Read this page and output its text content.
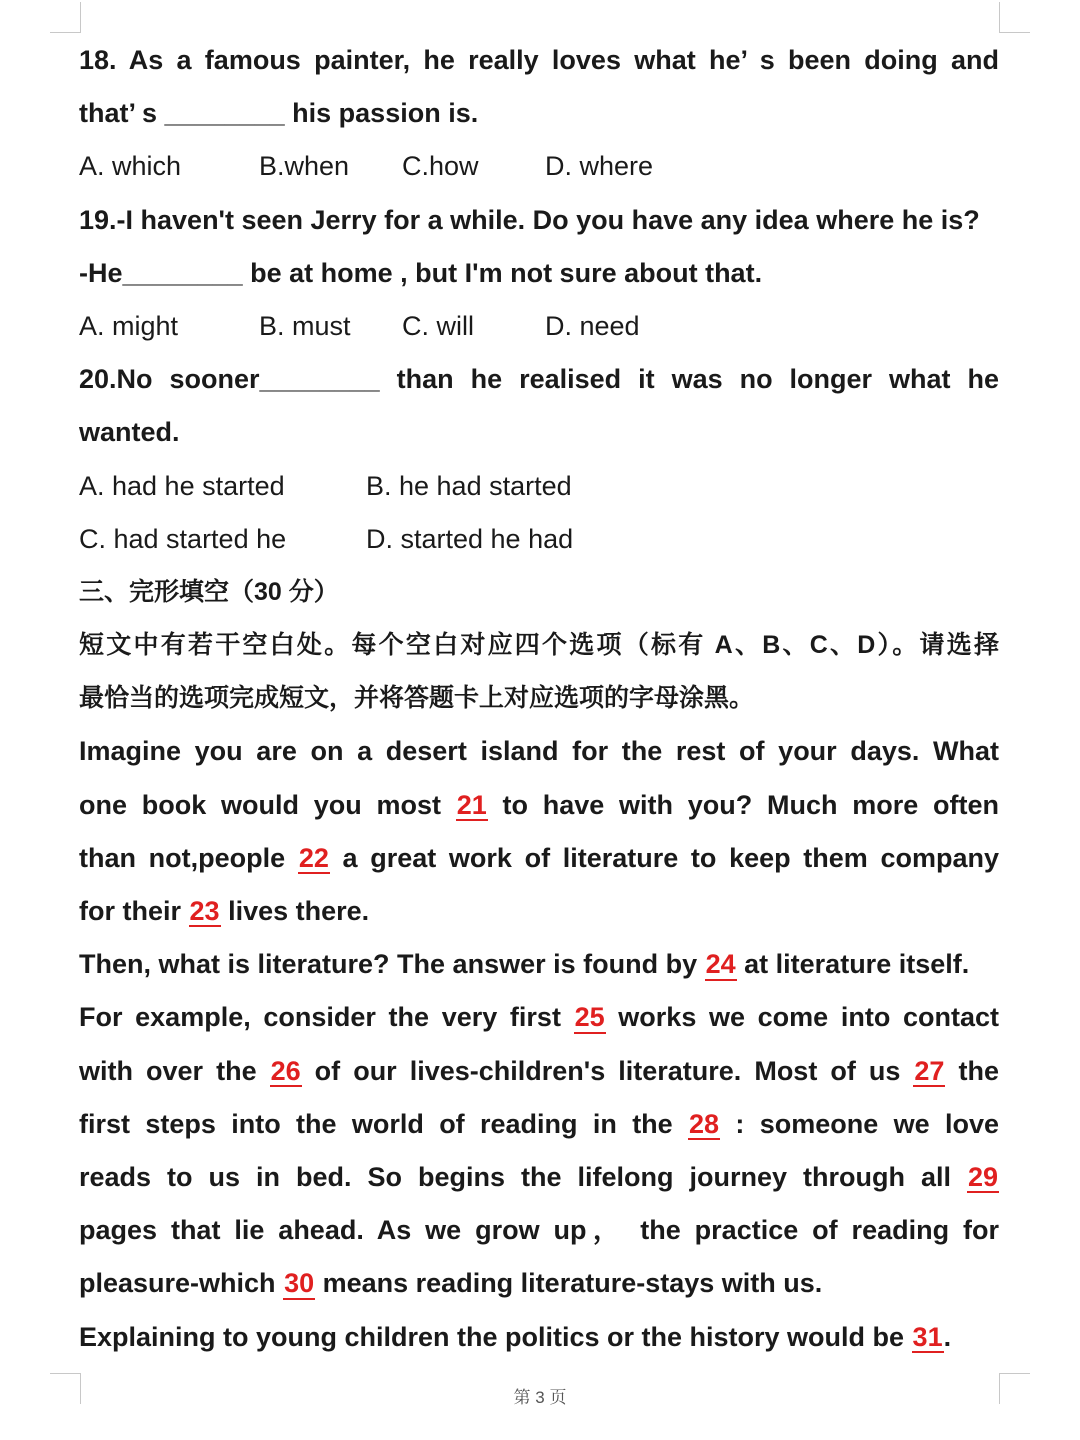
18. As a famous painter, he really loves what he’ s been doing and
that’ s ________ his passion is.
A. which	B.when C.how D. where
19.-I haven't seen Jerry for a while. Do you have any idea where he is?
-He________ be at home , but I'm not sure about that.
A. might	B. must C. will	D. need
20.No sooner________ than he realised it was no longer what he
wanted.
A. had he started	B. he had started
C. had started he	D. started he had
三、完形填空（30 分）
短文中有若干空白处。每个空白对应四个选项（标有 A、B、C、D）。请选择
最恰当的选项完成短文，并将答题卡上对应选项的字母涂黑。
Imagine you are on a desert island for the rest of your days. What
one book would you most 21 to have with you? Much more often
than not,people 22 a great work of literature to keep them company
for their 23 lives there.
Then, what is literature? The answer is found by 24 at literature itself.
For example, consider the very first 25 works we come into contact
with over the 26 of our lives-children's literature. Most of us 27 the
first steps into the world of reading in the 28 : someone we love
reads to us in bed. So begins the lifelong journey through all 29
pages that lie ahead. As we grow up， the practice of reading for
pleasure-which 30 means reading literature-stays with us.
Explaining to young children the politics or the history would be 31.
第 3 页
